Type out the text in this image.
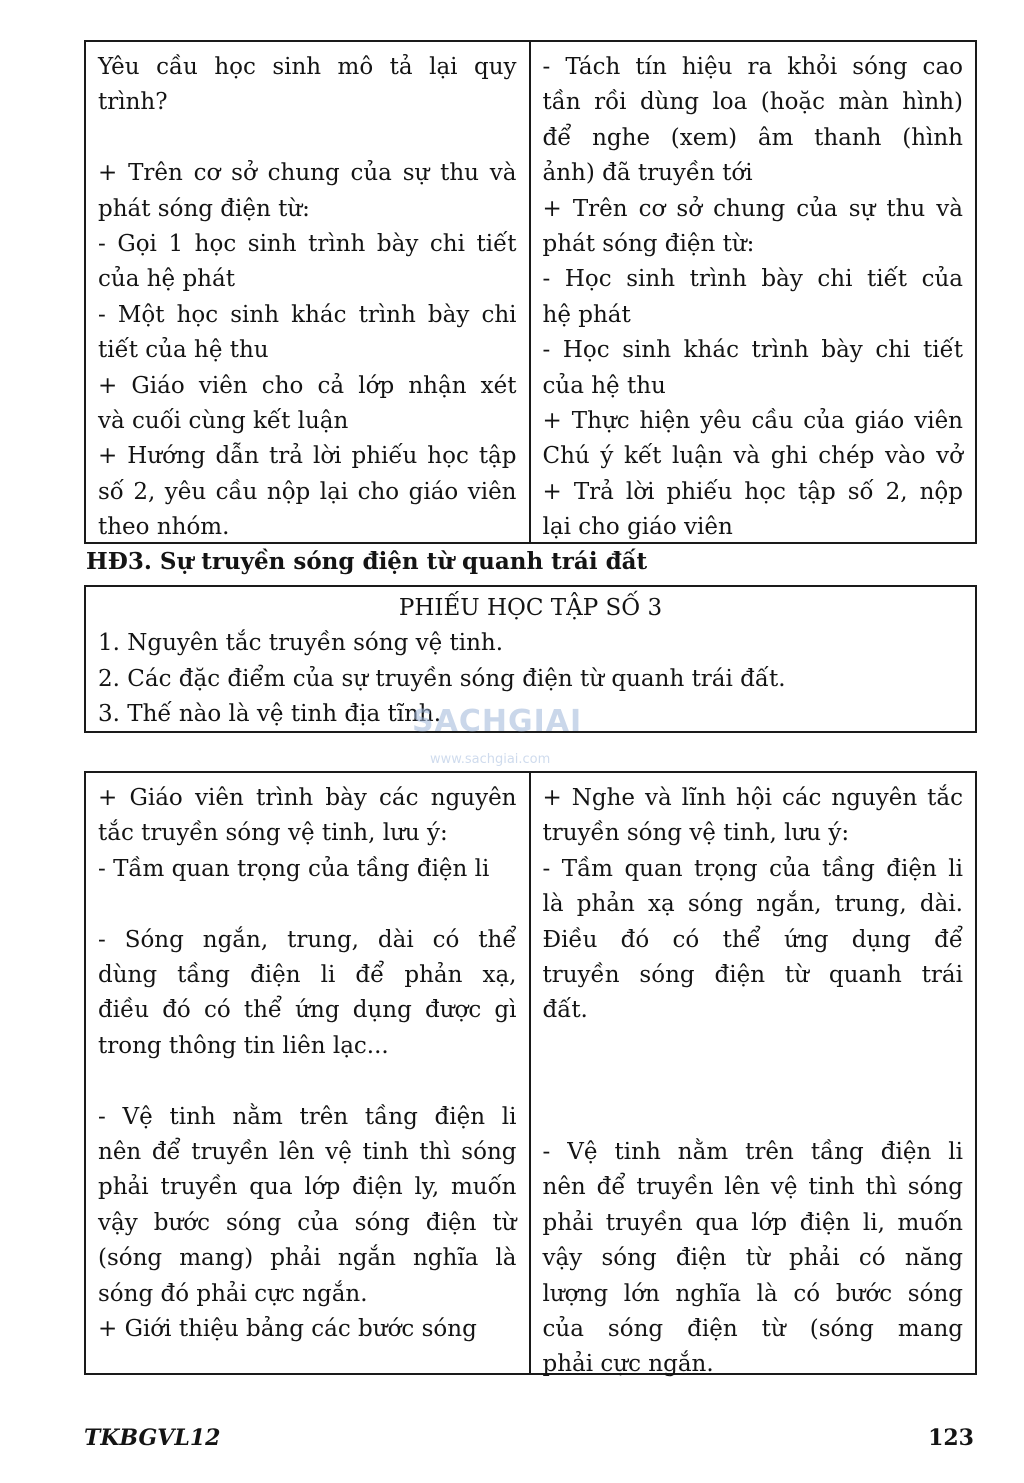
Yêu cầu học sinh mô tả lại quy
trình?
+ Trên cơ sở chung của sự thu và
phát sóng điện từ:
- Gọi 1 học sinh trình bày chi tiết
của hệ phát
- Một học sinh khác trình bày chi
tiết của hệ thu
+ Giáo viên cho cả lớp nhận xét
và cuối cùng kết luận
+ Hướng dẫn trả lời phiếu học tập
số 2, yêu cầu nộp lại cho giáo viên
theo nhóm.
- Tách tín hiệu ra khỏi sóng cao
tần rồi dùng loa (hoặc màn hình)
để nghe (xem) âm thanh (hình
ảnh) đã truyền tới
+ Trên cơ sở chung của sự thu và
phát sóng điện từ:
- Học sinh trình bày chi tiết của
hệ phát
- Học sinh khác trình bày chi tiết
của hệ thu
+ Thực hiện yêu cầu của giáo viên
Chú ý kết luận và ghi chép vào vở
+ Trả lời phiếu học tập số 2, nộp
lại cho giáo viên
HĐ3. Sự truyền sóng điện từ quanh trái đất
PHIẾU HỌC TẬP SỐ 3
1. Nguyên tắc truyền sóng vệ tinh.
2. Các đặc điểm của sự truyền sóng điện từ quanh trái đất.
3. Thế nào là vệ tinh địa tĩnh.
+ Giáo viên trình bày các nguyên
tắc truyền sóng vệ tinh, lưu ý:
- Tầm quan trọng của tầng điện li
- Sóng ngắn, trung, dài có thể
dùng tầng điện li để phản xạ,
điều đó có thể ứng dụng được gì
trong thông tin liên lạc...
- Vệ tinh nằm trên tầng điện li
nên để truyền lên vệ tinh thì sóng
phải truyền qua lớp điện ly, muốn
vậy bước sóng của sóng điện từ
(sóng mang) phải ngắn nghĩa là
sóng đó phải cực ngắn.
+ Giới thiệu bảng các bước sóng
+ Nghe và lĩnh hội các nguyên tắc
truyền sóng vệ tinh, lưu ý:
- Tầm quan trọng của tầng điện li
là phản xạ sóng ngắn, trung, dài.
Điều đó có thể ứng dụng để
truyền sóng điện từ quanh trái
đất.
- Vệ tinh nằm trên tầng điện li
nên để truyền lên vệ tinh thì sóng
phải truyền qua lớp điện li, muốn
vậy sóng điện từ phải có năng
lượng lớn nghĩa là có bước sóng
của sóng điện từ (sóng mang
phải cực ngắn.
SACHGIAI
www.sachgiai.com
TKBGVL12	123
